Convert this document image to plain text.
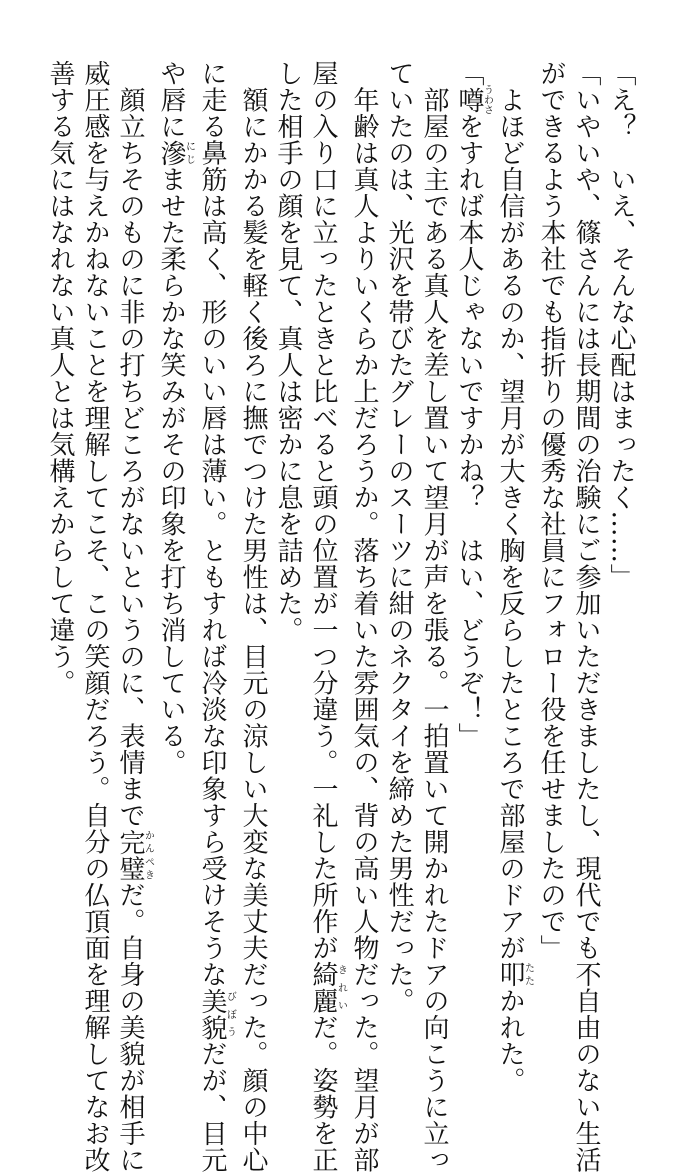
「え？　いえ、そんな心配はまったく……」

「いやいや、篠さんには長期間の治験にご参加いただきましたし、現代でも不自由のない生活

ができるよう本社でも指折りの優秀な社員にフォロー役を任せましたので」

　よほど自信があるのか、望月が大きく胸を反らしたところで部屋のドアが叩たたかれた。

「噂うわさをすれば本人じゃないですかね？　はい、どうぞ！」

　部屋の主である真人を差し置いて望月が声を張る。一拍置いて開かれたドアの向こうに立っ

ていたのは、光沢を帯びたグレーのスーツに紺のネクタイを締めた男性だった。

　年齢は真人よりいくらか上だろうか。落ち着いた雰囲気の、背の高い人物だった。望月が部

屋の入り口に立ったときと比べると頭の位置が一つ分違う。一礼した所作が綺麗きれいだ。姿勢を正

した相手の顔を見て、真人は密かに息を詰めた。

　額にかかる髪を軽く後ろに撫でつけた男性は、目元の涼しい大変な美丈夫だった。顔の中心

に走る鼻筋は高く、形のいい唇は薄い。ともすれば冷淡な印象すら受けそうな美貌びぼうだが、目元

や唇に滲にじませた柔らかな笑みがその印象を打ち消している。

　顔立ちそのものに非の打ちどころがないというのに、表情まで完璧かんぺきだ。自身の美貌が相手に

威圧感を与えかねないことを理解してこそ、この笑顔だろう。自分の仏頂面を理解してなお改

善する気にはなれない真人とは気構えからして違う。
